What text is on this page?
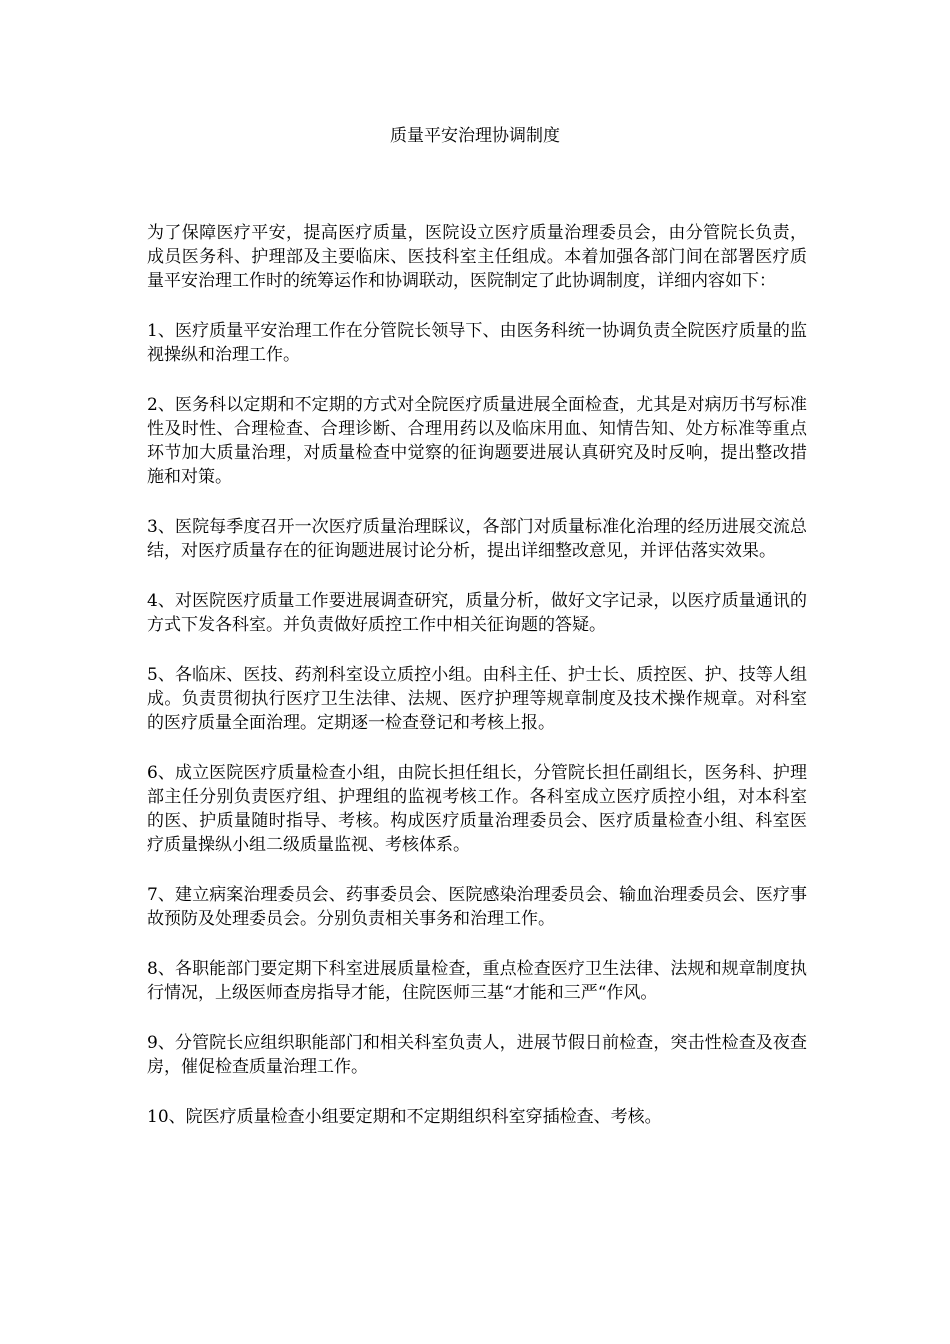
质量平安治理协调制度

为了保障医疗平安，提高医疗质量，医院设立医疗质量治理委员会，由分管院长负责，成员医务科、护理部及主要临床、医技科室主任组成。本着加强各部门间在部署医疗质量平安治理工作时的统筹运作和协调联动，医院制定了此协调制度，详细内容如下：

1、医疗质量平安治理工作在分管院长领导下、由医务科统一协调负责全院医疗质量的监视操纵和治理工作。

2、医务科以定期和不定期的方式对全院医疗质量进展全面检查，尤其是对病历书写标准性及时性、合理检查、合理诊断、合理用药以及临床用血、知情告知、处方标准等重点环节加大质量治理，对质量检查中觉察的征询题要进展认真研究及时反响，提出整改措施和对策。

3、医院每季度召开一次医疗质量治理睬议，各部门对质量标准化治理的经历进展交流总结，对医疗质量存在的征询题进展讨论分析，提出详细整改意见，并评估落实效果。

4、对医院医疗质量工作要进展调查研究，质量分析，做好文字记录，以医疗质量通讯的方式下发各科室。并负责做好质控工作中相关征询题的答疑。

5、各临床、医技、药剂科室设立质控小组。由科主任、护士长、质控医、护、技等人组成。负责贯彻执行医疗卫生法律、法规、医疗护理等规章制度及技术操作规章。对科室的医疗质量全面治理。定期逐一检查登记和考核上报。

6、成立医院医疗质量检查小组，由院长担任组长，分管院长担任副组长，医务科、护理部主任分别负责医疗组、护理组的监视考核工作。各科室成立医疗质控小组，对本科室的医、护质量随时指导、考核。构成医疗质量治理委员会、医疗质量检查小组、科室医疗质量操纵小组二级质量监视、考核体系。

7、建立病案治理委员会、药事委员会、医院感染治理委员会、输血治理委员会、医疗事故预防及处理委员会。分别负责相关事务和治理工作。

8、各职能部门要定期下科室进展质量检查，重点检查医疗卫生法律、法规和规章制度执行情况，上级医师查房指导才能，住院医师三基“才能和三严“作风。

9、分管院长应组织职能部门和相关科室负责人，进展节假日前检查，突击性检查及夜查房，催促检查质量治理工作。

10、院医疗质量检查小组要定期和不定期组织科室穿插检查、考核。
